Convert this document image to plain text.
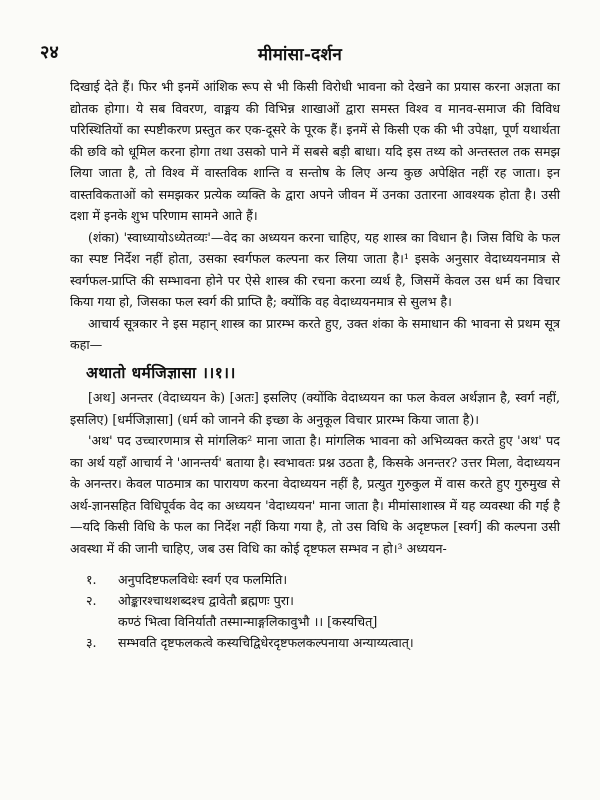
२४	मीमांसा-दर्शन

दिखाई देते हैं। फिर भी इनमें आंशिक रूप से भी किसी विरोधी भावना को देखने का प्रयास करना अज्ञता का द्योतक होगा। ये सब विवरण, वाङ्मय की विभिन्न शाखाओं द्वारा समस्त विश्व व मानव-समाज की विविध परिस्थितियों का स्पष्टीकरण प्रस्तुत कर एक-दूसरे के पूरक हैं। इनमें से किसी एक की भी उपेक्षा, पूर्ण यथार्थता की छवि को धूमिल करना होगा तथा उसको पाने में सबसे बड़ी बाधा। यदि इस तथ्य को अन्तस्तल तक समझ लिया जाता है, तो विश्व में वास्तविक शान्ति व सन्तोष के लिए अन्य कुछ अपेक्षित नहीं रह जाता। इन वास्तविकताओं को समझकर प्रत्येक व्यक्ति के द्वारा अपने जीवन में उनका उतारना आवश्यक होता है। उसी दशा में इनके शुभ परिणाम सामने आते हैं।

(शंका) 'स्वाध्यायोऽध्येतव्यः'—वेद का अध्ययन करना चाहिए, यह शास्त्र का विधान है। जिस विधि के फल का स्पष्ट निर्देश नहीं होता, उसका स्वर्गफल कल्पना कर लिया जाता है।¹ इसके अनुसार वेदाध्ययनमात्र से स्वर्गफल-प्राप्ति की सम्भावना होने पर ऐसे शास्त्र की रचना करना व्यर्थ है, जिसमें केवल उस धर्म का विचार किया गया हो, जिसका फल स्वर्ग की प्राप्ति है; क्योंकि वह वेदाध्ययनमात्र से सुलभ है।

आचार्य सूत्रकार ने इस महान् शास्त्र का प्रारम्भ करते हुए, उक्त शंका के समाधान की भावना से प्रथम सूत्र कहा—

अथातो धर्मजिज्ञासा ।।१।।

[अथ] अनन्तर (वेदाध्ययन के) [अतः] इसलिए (क्योंकि वेदाध्ययन का फल केवल अर्थज्ञान है, स्वर्ग नहीं, इसलिए) [धर्मजिज्ञासा] (धर्म को जानने की इच्छा के अनुकूल विचार प्रारम्भ किया जाता है)।

'अथ' पद उच्चारणमात्र से मांगलिक² माना जाता है। मांगलिक भावना को अभिव्यक्त करते हुए 'अथ' पद का अर्थ यहाँ आचार्य ने 'आनन्तर्य' बताया है। स्वभावतः प्रश्न उठता है, किसके अनन्तर? उत्तर मिला, वेदाध्ययन के अनन्तर। केवल पाठमात्र का पारायण करना वेदाध्ययन नहीं है, प्रत्युत गुरुकुल में वास करते हुए गुरुमुख से अर्थ-ज्ञानसहित विधिपूर्वक वेद का अध्ययन 'वेदाध्ययन' माना जाता है। मीमांसाशास्त्र में यह व्यवस्था की गई है—यदि किसी विधि के फल का निर्देश नहीं किया गया है, तो उस विधि के अदृष्टफल [स्वर्ग] की कल्पना उसी अवस्था में की जानी चाहिए, जब उस विधि का कोई दृष्टफल सम्भव न हो।³ अध्ययन-

१.	अनुपदिष्टफलविधेः स्वर्ग एव फलमिति।
२.	ओङ्कारश्चाथशब्दश्च द्वावेतौ ब्रह्मणः पुरा।
कण्ठं भित्वा विनिर्यातौ तस्मान्माङ्गलिकावुभौ ।। [कस्यचित्]
३.	सम्भवति दृष्टफलकत्वे कस्यचिद्विधेरदृष्टफलकल्पनाया अन्याय्यत्वात्।
